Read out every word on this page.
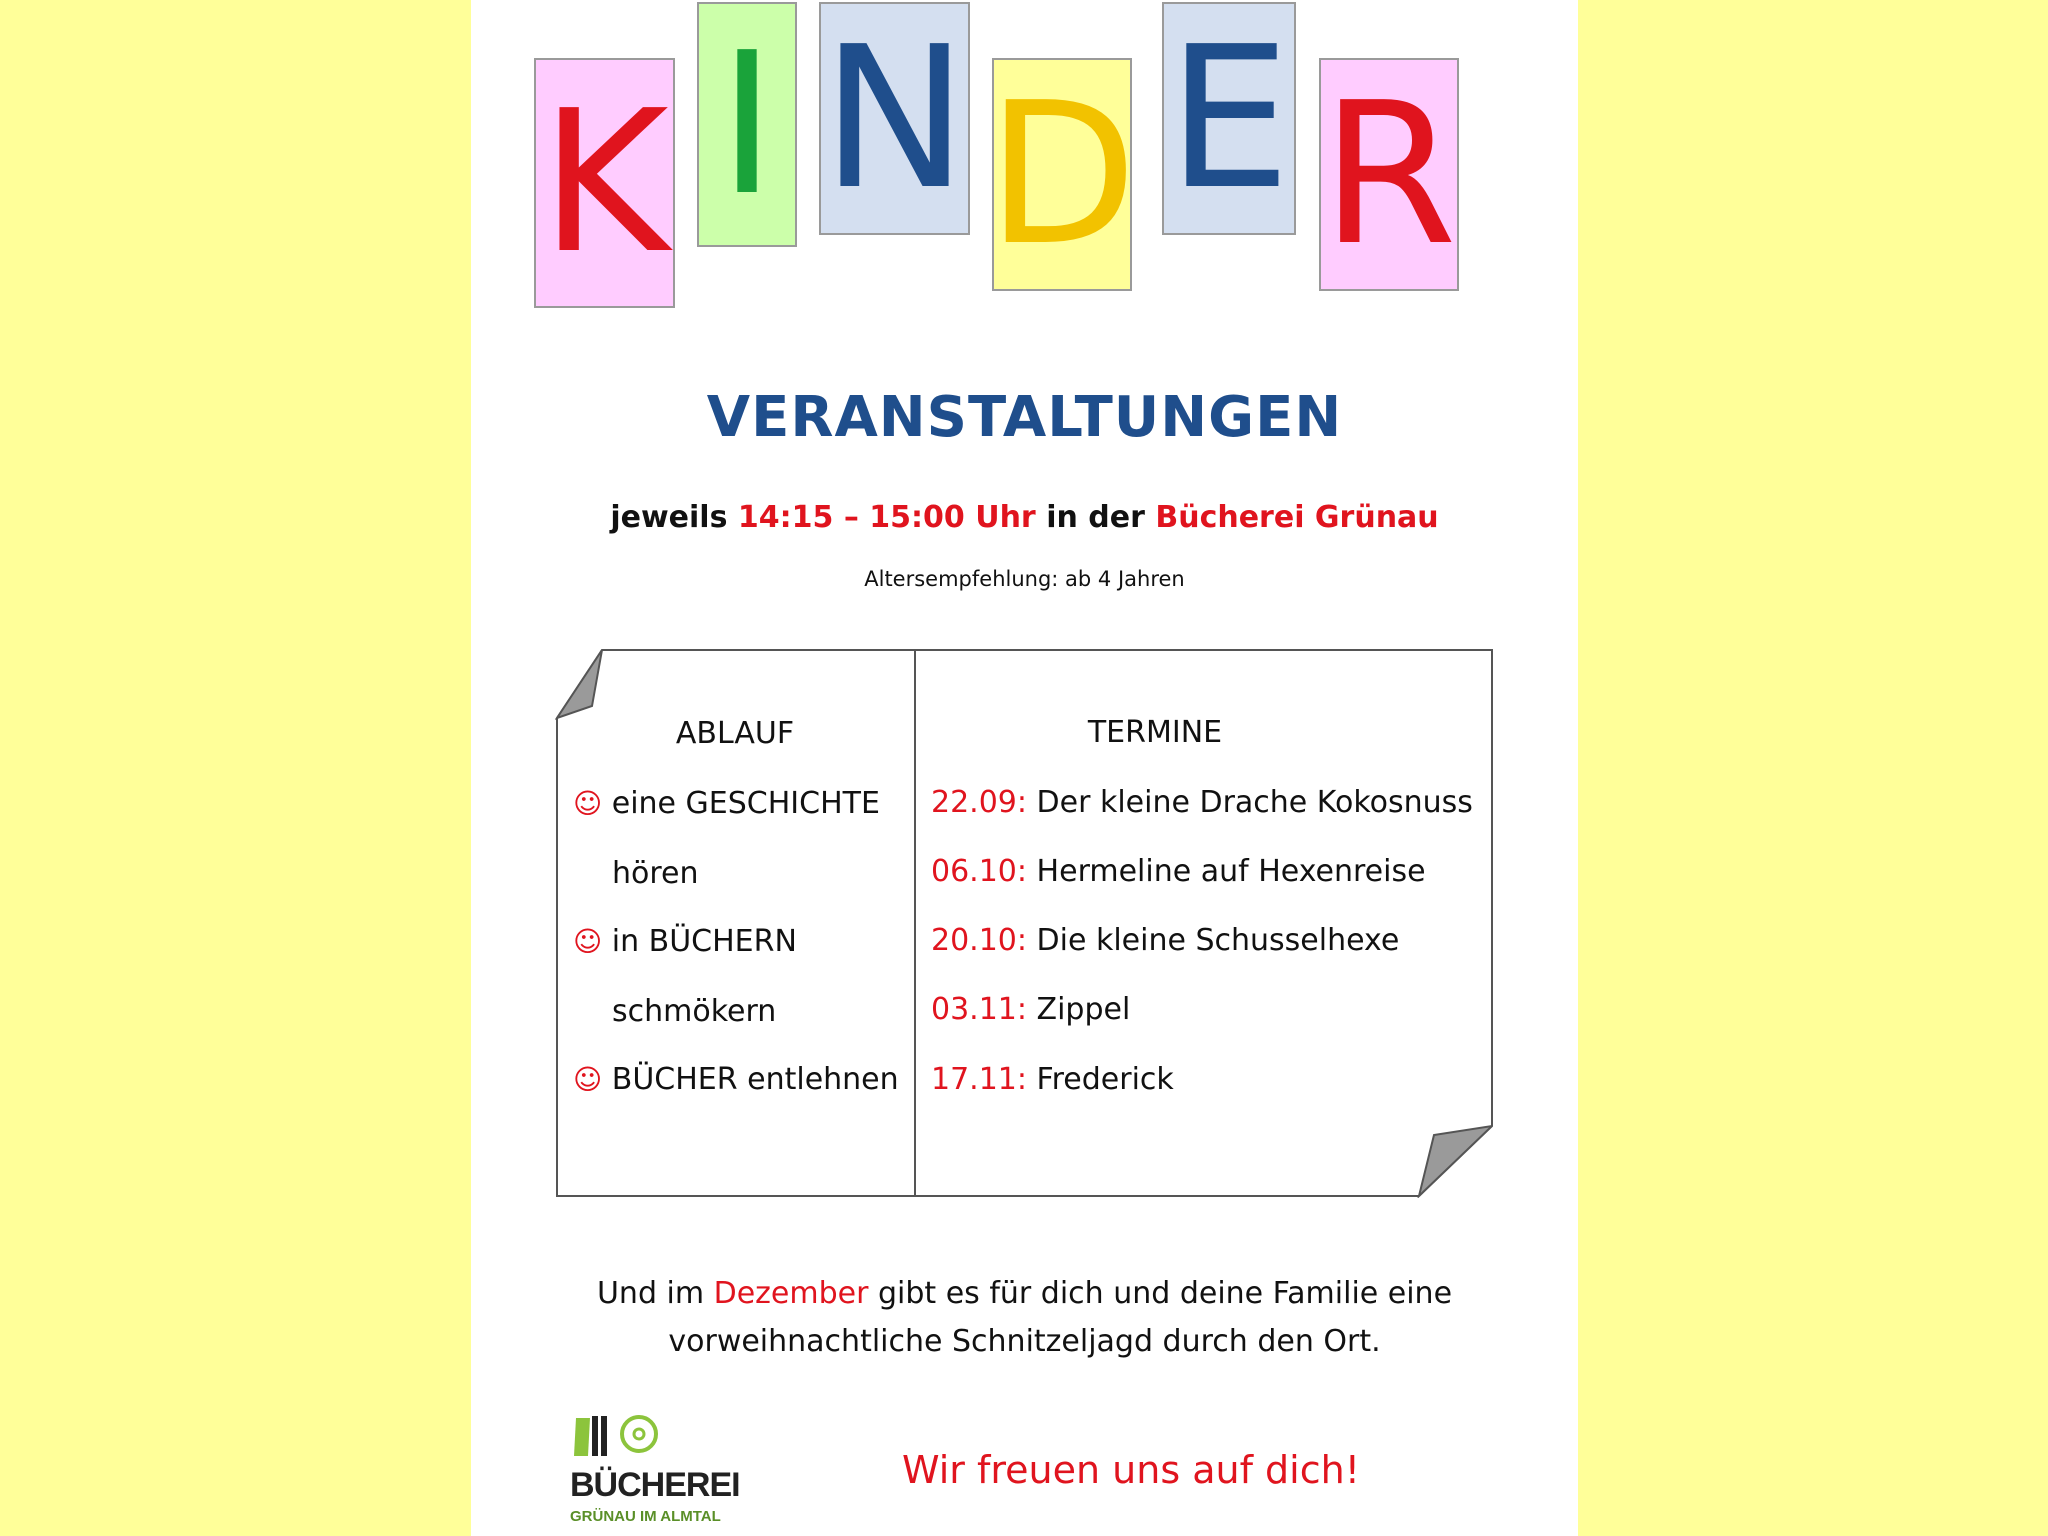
K I N D E R
VERANSTALTUNGEN
jeweils 14:15 – 15:00 Uhr in der Bücherei Grünau
Altersempfehlung: ab 4 Jahren
ABLAUF
☺ eine GESCHICHTE
hören
☺ in BÜCHERN
schmökern
☺ BÜCHER entlehnen
TERMINE
22.09: Der kleine Drache Kokosnuss
06.10: Hermeline auf Hexenreise
20.10: Die kleine Schusselhexe
03.11: Zippel
17.11: Frederick
Und im Dezember gibt es für dich und deine Familie eine
vorweihnachtliche Schnitzeljagd durch den Ort.
BÜCHEREI
GRÜNAU IM ALMTAL
Wir freuen uns auf dich!
